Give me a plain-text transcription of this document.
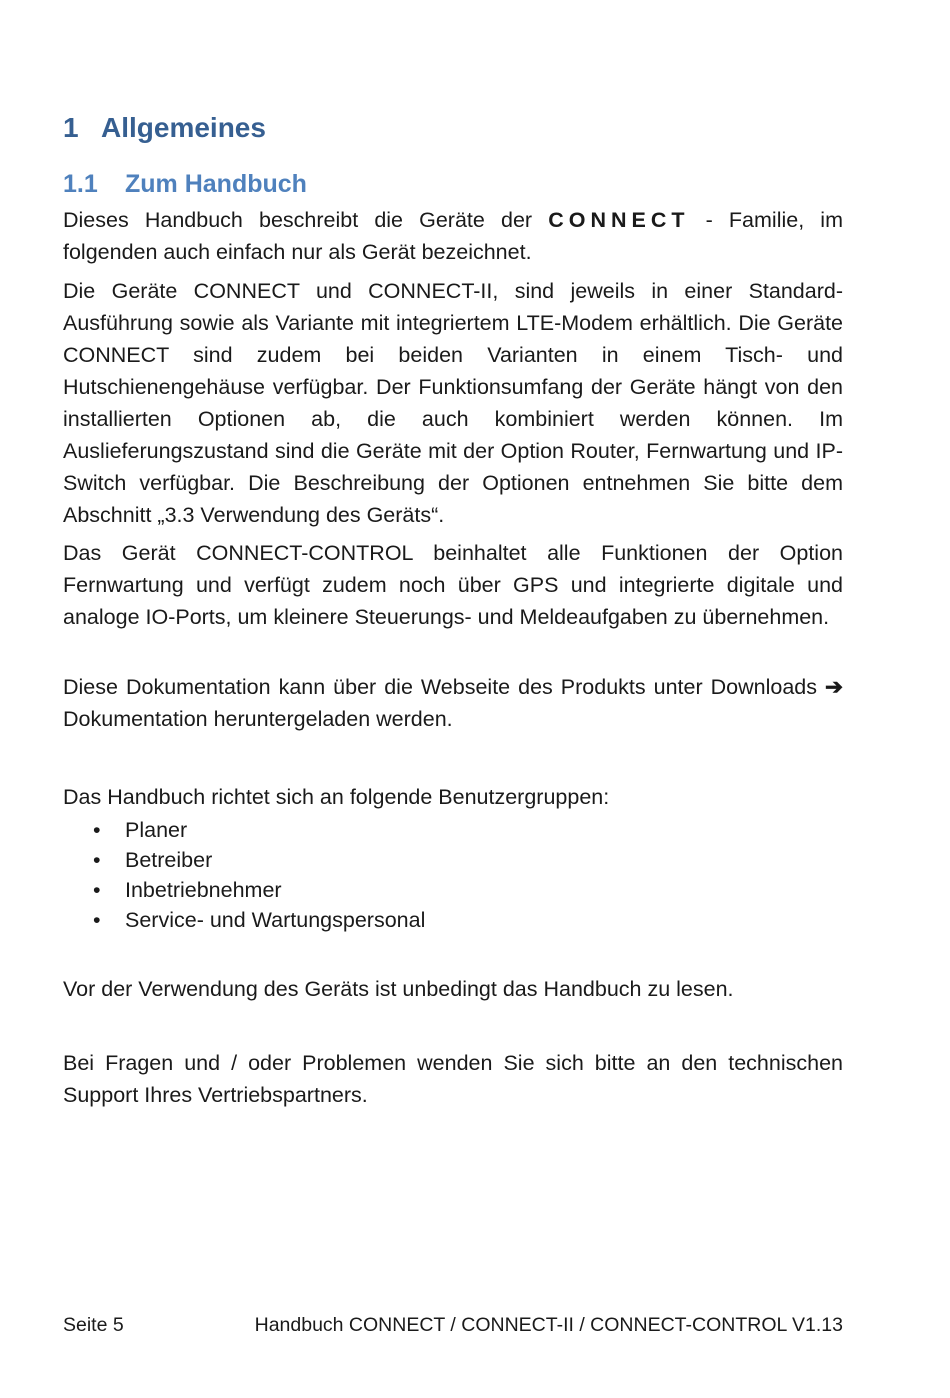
1 Allgemeines
1.1 Zum Handbuch

Dieses Handbuch beschreibt die Geräte der CONNECT - Familie, im folgenden auch einfach nur als Gerät bezeichnet.

Die Geräte CONNECT und CONNECT-II, sind jeweils in einer Standard-Ausführung sowie als Variante mit integriertem LTE-Modem erhältlich. Die Geräte CONNECT sind zudem bei beiden Varianten in einem Tisch- und Hutschienengehäuse verfügbar. Der Funktionsumfang der Geräte hängt von den installierten Optionen ab, die auch kombiniert werden können. Im Auslieferungszustand sind die Geräte mit der Option Router, Fernwartung und IP-Switch verfügbar. Die Beschreibung der Optionen entnehmen Sie bitte dem Abschnitt „3.3 Verwendung des Geräts“.

Das Gerät CONNECT-CONTROL beinhaltet alle Funktionen der Option Fernwartung und verfügt zudem noch über GPS und integrierte digitale und analoge IO-Ports, um kleinere Steuerungs- und Meldeaufgaben zu übernehmen.

Diese Dokumentation kann über die Webseite des Produkts unter Downloads ➔ Dokumentation heruntergeladen werden.

Das Handbuch richtet sich an folgende Benutzergruppen:

• Planer
• Betreiber
• Inbetriebnehmer
• Service- und Wartungspersonal

Vor der Verwendung des Geräts ist unbedingt das Handbuch zu lesen.

Bei Fragen und / oder Problemen wenden Sie sich bitte an den technischen Support Ihres Vertriebspartners.

Seite 5	Handbuch CONNECT / CONNECT-II / CONNECT-CONTROL V1.13
